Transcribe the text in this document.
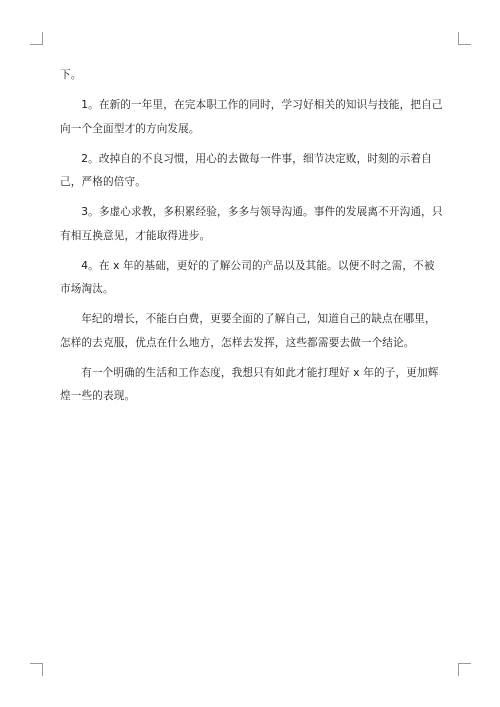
下。

1。在新的一年里，在完本职工作的同时，学习好相关的知识与技能，把自己向一个全面型才的方向发展。

2。改掉自的不良习惯，用心的去做每一件事，细节决定败，时刻的示着自己，严格的倍守。

3。多虚心求教，多积累经验，多多与领导沟通。事件的发展离不开沟通，只有相互换意见，才能取得进步。

4。在 x 年的基础，更好的了解公司的产品以及其能。以便不时之需，不被市场淘汰。

年纪的增长，不能白白费，更要全面的了解自己，知道自己的缺点在哪里，怎样的去克服，优点在什么地方，怎样去发挥，这些都需要去做一个结论。

有一个明确的生活和工作态度，我想只有如此才能打理好 x 年的子，更加辉煌一些的表现。
